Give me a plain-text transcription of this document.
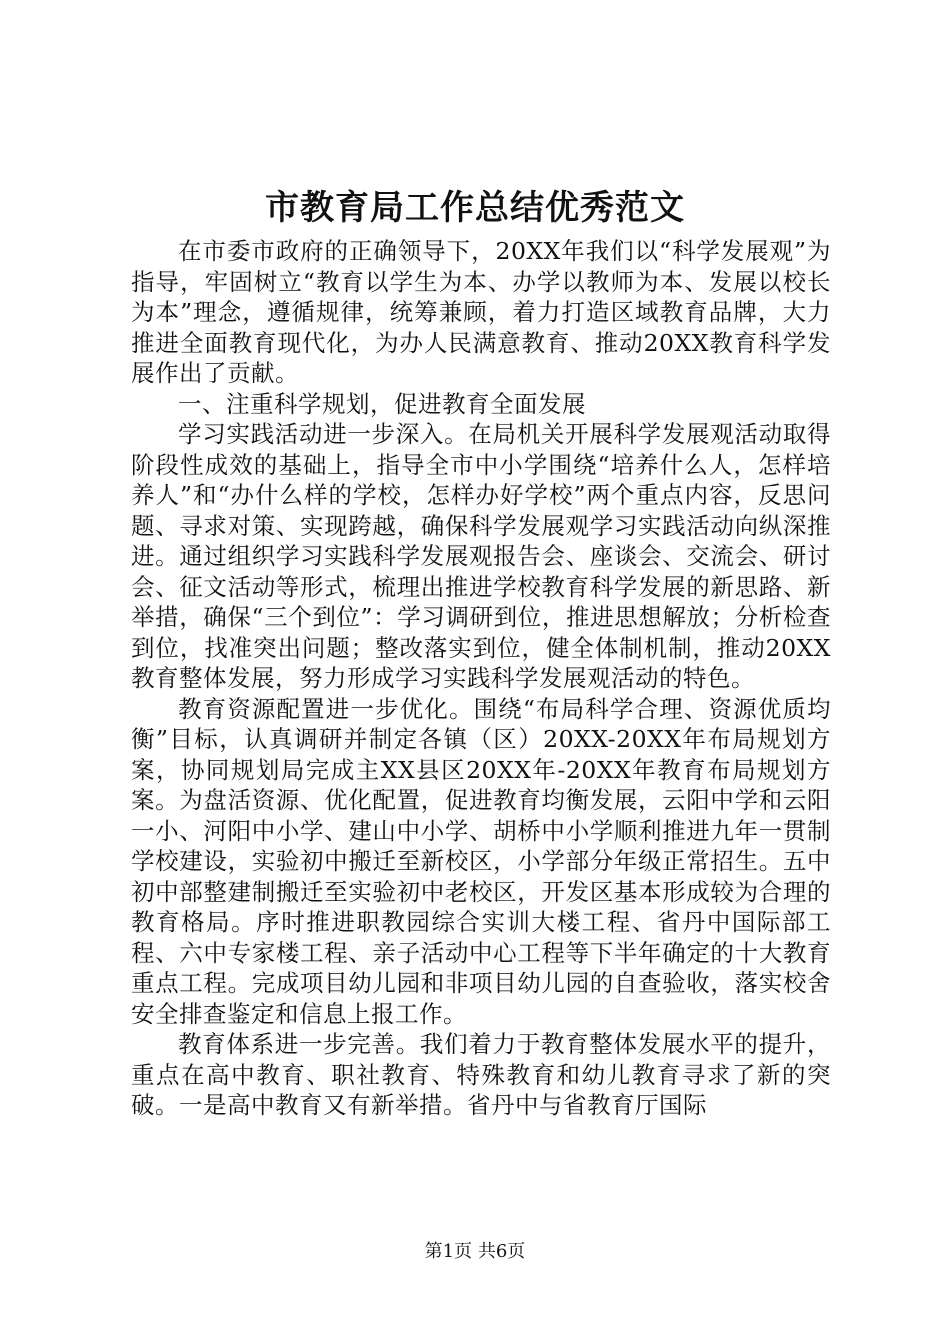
市教育局工作总结优秀范文

在市委市政府的正确领导下，20XX年我们以“科学发展观”为指导，牢固树立“教育以学生为本、办学以教师为本、发展以校长为本”理念，遵循规律，统筹兼顾，着力打造区域教育品牌，大力推进全面教育现代化，为办人民满意教育、推动20XX教育科学发展作出了贡献。

一、注重科学规划，促进教育全面发展

学习实践活动进一步深入。在局机关开展科学发展观活动取得阶段性成效的基础上，指导全市中小学围绕“培养什么人，怎样培养人”和“办什么样的学校，怎样办好学校”两个重点内容，反思问题、寻求对策、实现跨越，确保科学发展观学习实践活动向纵深推进。通过组织学习实践科学发展观报告会、座谈会、交流会、研讨会、征文活动等形式，梳理出推进学校教育科学发展的新思路、新举措，确保“三个到位”：学习调研到位，推进思想解放；分析检查到位，找准突出问题；整改落实到位，健全体制机制，推动20XX教育整体发展，努力形成学习实践科学发展观活动的特色。

教育资源配置进一步优化。围绕“布局科学合理、资源优质均衡”目标，认真调研并制定各镇（区）20XX-20XX年布局规划方案，协同规划局完成主XX县区20XX年-20XX年教育布局规划方案。为盘活资源、优化配置，促进教育均衡发展，云阳中学和云阳一小、河阳中小学、建山中小学、胡桥中小学顺利推进九年一贯制学校建设，实验初中搬迁至新校区，小学部分年级正常招生。五中初中部整建制搬迁至实验初中老校区，开发区基本形成较为合理的教育格局。序时推进职教园综合实训大楼工程、省丹中国际部工程、六中专家楼工程、亲子活动中心工程等下半年确定的十大教育重点工程。完成项目幼儿园和非项目幼儿园的自查验收，落实校舍安全排查鉴定和信息上报工作。

教育体系进一步完善。我们着力于教育整体发展水平的提升，重点在高中教育、职社教育、特殊教育和幼儿教育寻求了新的突破。一是高中教育又有新举措。省丹中与省教育厅国际

第1页 共6页
